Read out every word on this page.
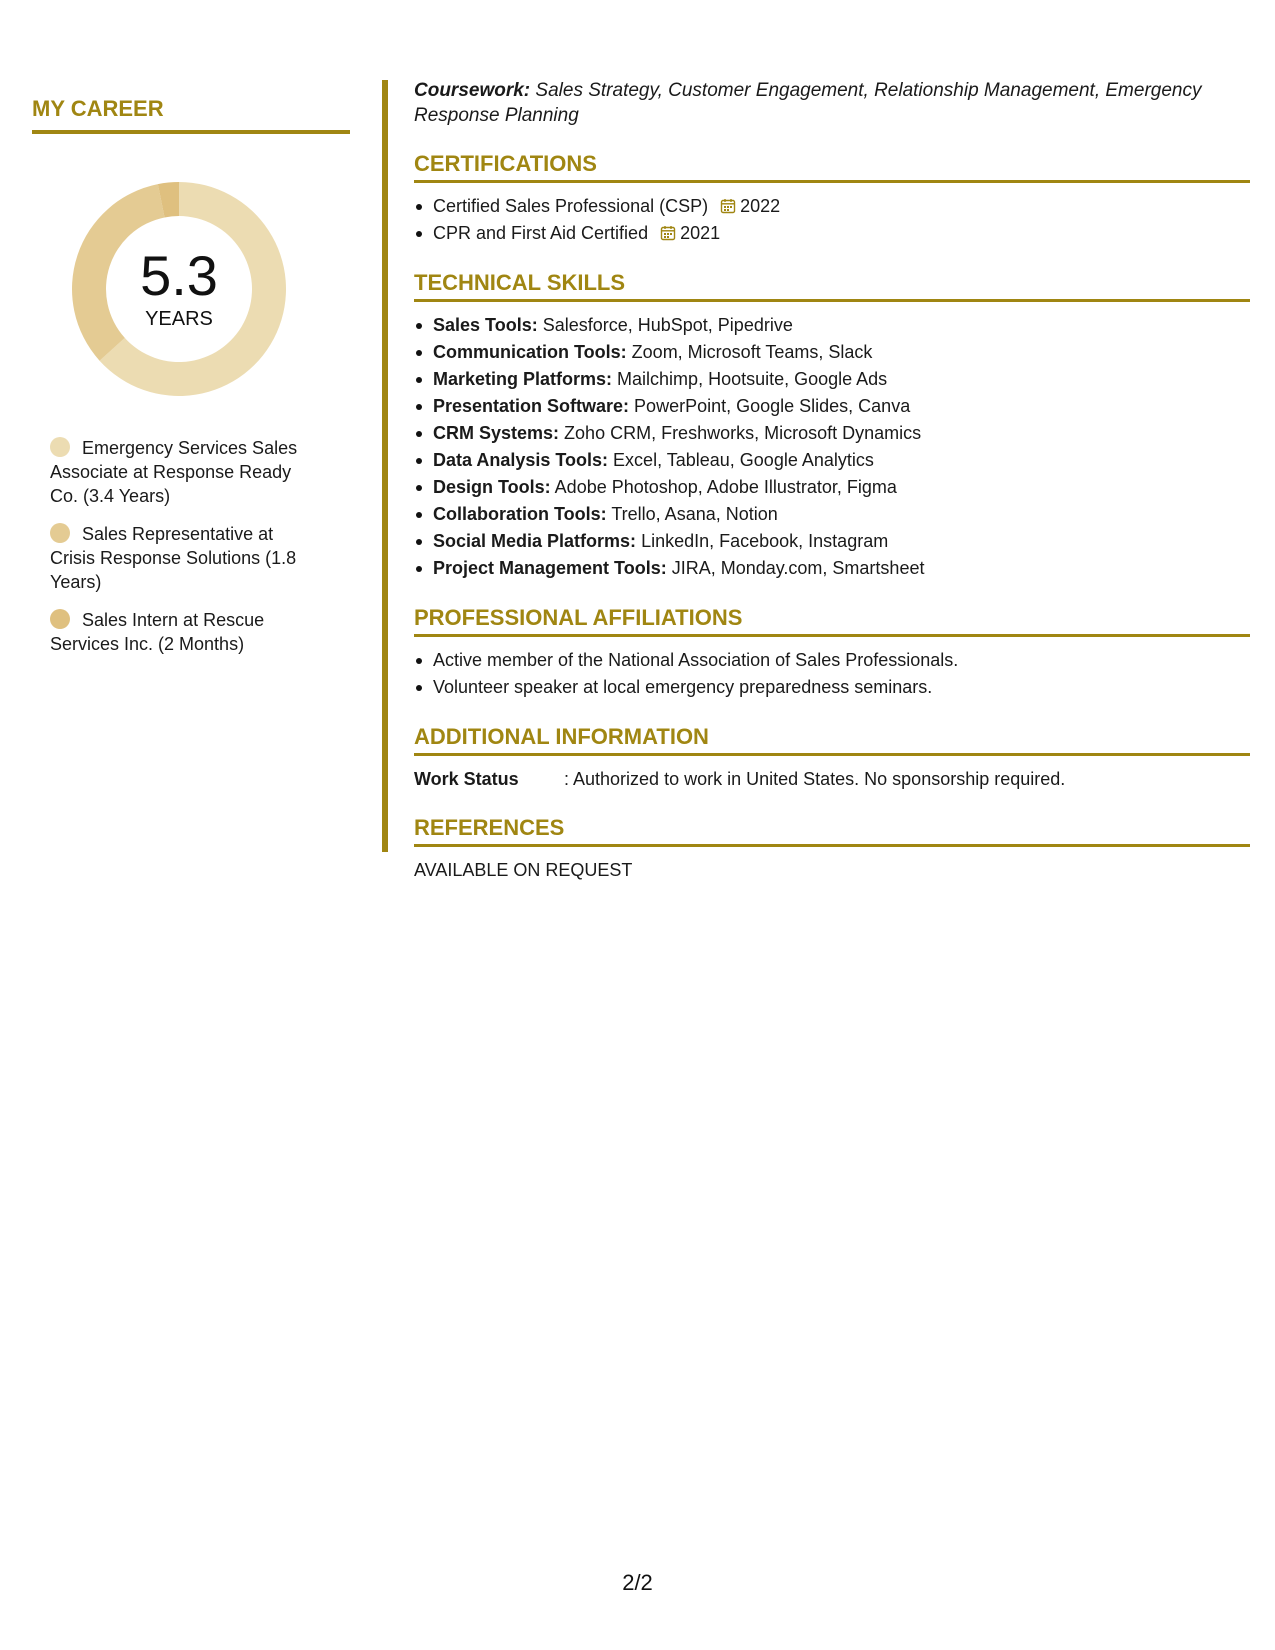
MY CAREER
5.3
YEARS
Emergency Services Sales Associate at Response Ready Co. (3.4 Years)
Sales Representative at Crisis Response Solutions (1.8 Years)
Sales Intern at Rescue Services Inc. (2 Months)
Coursework: Sales Strategy, Customer Engagement, Relationship Management, Emergency Response Planning
CERTIFICATIONS
Certified Sales Professional (CSP) 2022
CPR and First Aid Certified 2021
TECHNICAL SKILLS
Sales Tools: Salesforce, HubSpot, Pipedrive
Communication Tools: Zoom, Microsoft Teams, Slack
Marketing Platforms: Mailchimp, Hootsuite, Google Ads
Presentation Software: PowerPoint, Google Slides, Canva
CRM Systems: Zoho CRM, Freshworks, Microsoft Dynamics
Data Analysis Tools: Excel, Tableau, Google Analytics
Design Tools: Adobe Photoshop, Adobe Illustrator, Figma
Collaboration Tools: Trello, Asana, Notion
Social Media Platforms: LinkedIn, Facebook, Instagram
Project Management Tools: JIRA, Monday.com, Smartsheet
PROFESSIONAL AFFILIATIONS
Active member of the National Association of Sales Professionals.
Volunteer speaker at local emergency preparedness seminars.
ADDITIONAL INFORMATION
Work Status	: Authorized to work in United States. No sponsorship required.
REFERENCES
AVAILABLE ON REQUEST
2/2
